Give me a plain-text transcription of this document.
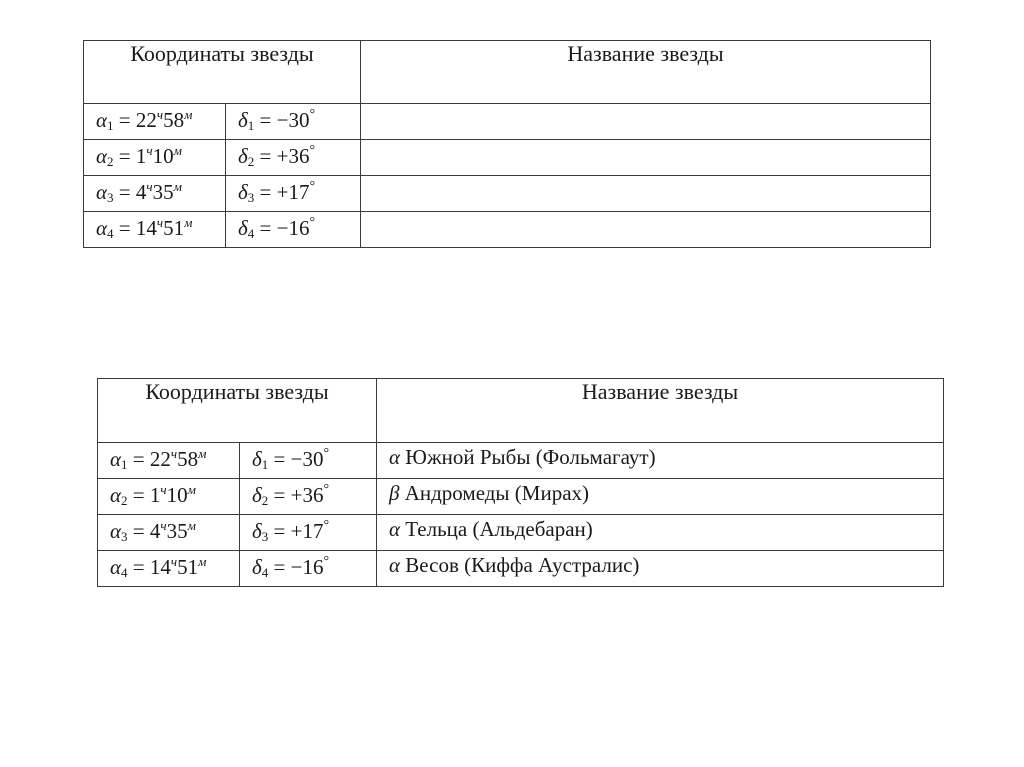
Координаты звезды		Название звезды
$\alpha_1 = 22^ч58^м$	$\delta_1 = -30^\circ$	
$\alpha_2 = 1^ч10^м$	$\delta_2 = +36^\circ$	
$\alpha_3 = 4^ч35^м$	$\delta_3 = +17^\circ$	
$\alpha_4 = 14^ч51^м$	$\delta_4 = -16^\circ$	
Координаты звезды		Название звезды
$\alpha_1 = 22^ч58^м$	$\delta_1 = -30^\circ$	α Южной Рыбы (Фольмагаут)
$\alpha_2 = 1^ч10^м$	$\delta_2 = +36^\circ$	β Андромеды (Мирах)
$\alpha_3 = 4^ч35^м$	$\delta_3 = +17^\circ$	α Тельца (Альдебаран)
$\alpha_4 = 14^ч51^м$	$\delta_4 = -16^\circ$	α Весов (Киффа Аустралис)
